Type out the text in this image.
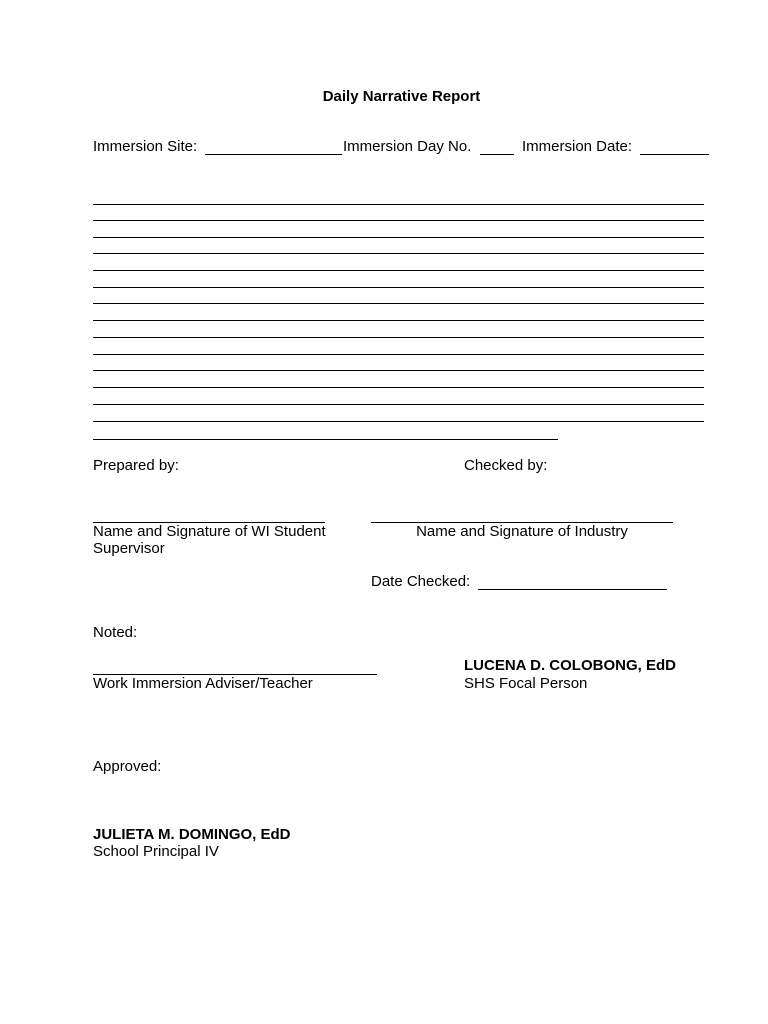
Daily Narrative Report
Immersion Site:	Immersion Day No.	Immersion Date:
Prepared by:	Checked by:
Name and Signature of WI Student
Supervisor
Name and Signature of Industry
Date Checked:
Noted:
Work Immersion Adviser/Teacher
LUCENA D. COLOBONG, EdD
SHS Focal Person
Approved:
JULIETA M. DOMINGO, EdD
School Principal IV
